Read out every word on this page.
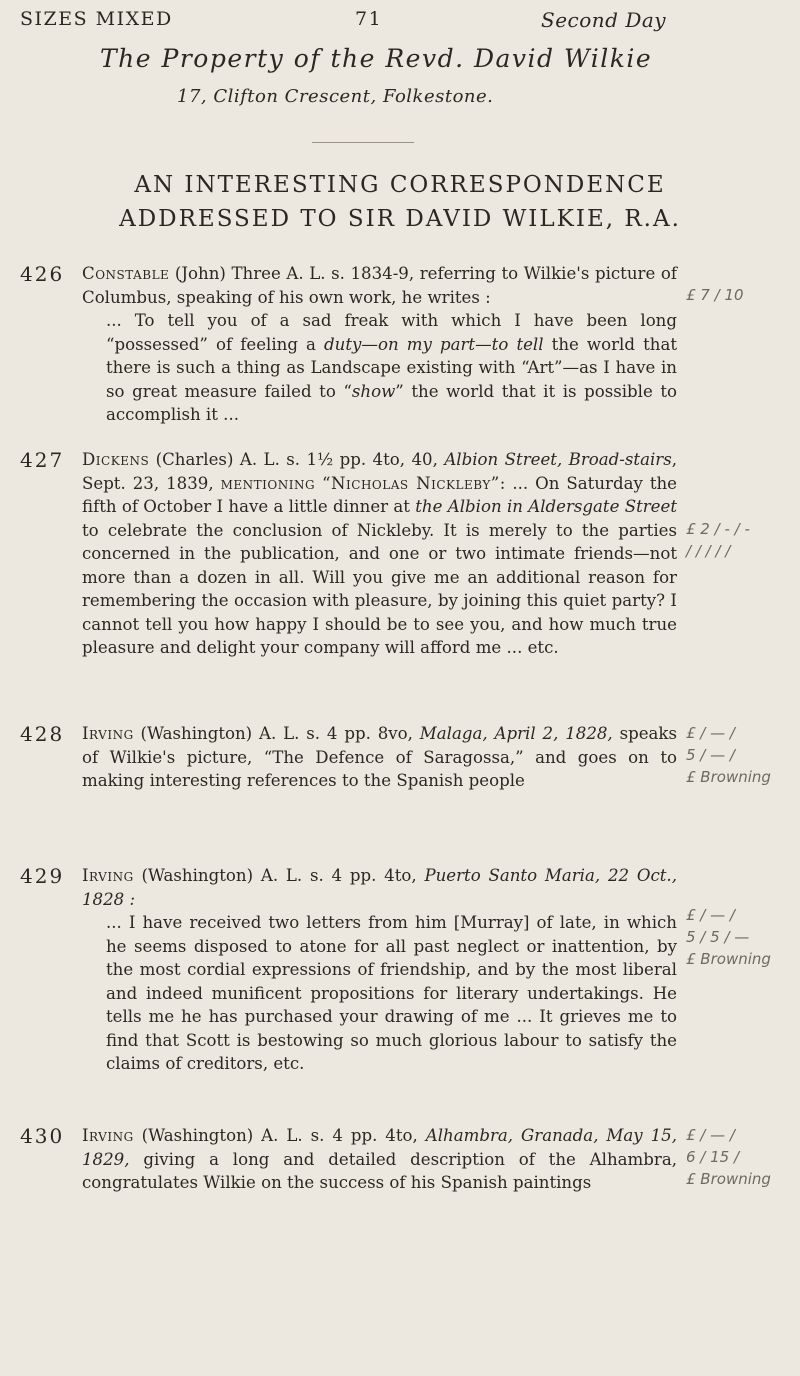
SIZES MIXED	71	Second Day
The Property of the Revd. David Wilkie
17, Clifton Crescent, Folkestone.
AN INTERESTING CORRESPONDENCE
ADDRESSED TO SIR DAVID WILKIE, R.A.
426 Constable (John) Three A. L. s. 1834-9, referring to Wilkie's picture of Columbus, speaking of his own work, he writes :

... To tell you of a sad freak with which I have been long “possessed” of feeling a duty—on my part—to tell the world that there is such a thing as Landscape existing with “Art”—as I have in so great measure failed to “show” the world that it is possible to accomplish it ...

£ 7 / 10
427 Dickens (Charles) A. L. s. 1½ pp. 4to, 40, Albion Street, Broad-stairs, Sept. 23, 1839, mentioning “Nicholas Nickleby”: ... On Saturday the fifth of October I have a little dinner at the Albion in Aldersgate Street to celebrate the conclusion of Nickleby. It is merely to the parties concerned in the publication, and one or two intimate friends—not more than a dozen in all. Will you give me an additional reason for remembering the occasion with pleasure, by joining this quiet party? I cannot tell you how happy I should be to see you, and how much true pleasure and delight your company will afford me ... etc.

£ 2 / - / -
/ / / / /
428 Irving (Washington) A. L. s. 4 pp. 8vo, Malaga, April 2, 1828, speaks of Wilkie's picture, “The Defence of Saragossa,” and goes on to making interesting references to the Spanish people

£ / — /
5 / — /
£ Browning
429 Irving (Washington) A. L. s. 4 pp. 4to, Puerto Santo Maria, 22 Oct., 1828 :

... I have received two letters from him [Murray] of late, in which he seems disposed to atone for all past neglect or inattention, by the most cordial expressions of friendship, and by the most liberal and indeed munificent propositions for literary undertakings. He tells me he has purchased your drawing of me ... It grieves me to find that Scott is bestowing so much glorious labour to satisfy the claims of creditors, etc.

£ / — /
5 / 5 / —
£ Browning
430 Irving (Washington) A. L. s. 4 pp. 4to, Alhambra, Granada, May 15, 1829, giving a long and detailed description of the Alhambra, congratulates Wilkie on the success of his Spanish paintings

£ / — /
6 / 15 /
£ Browning
